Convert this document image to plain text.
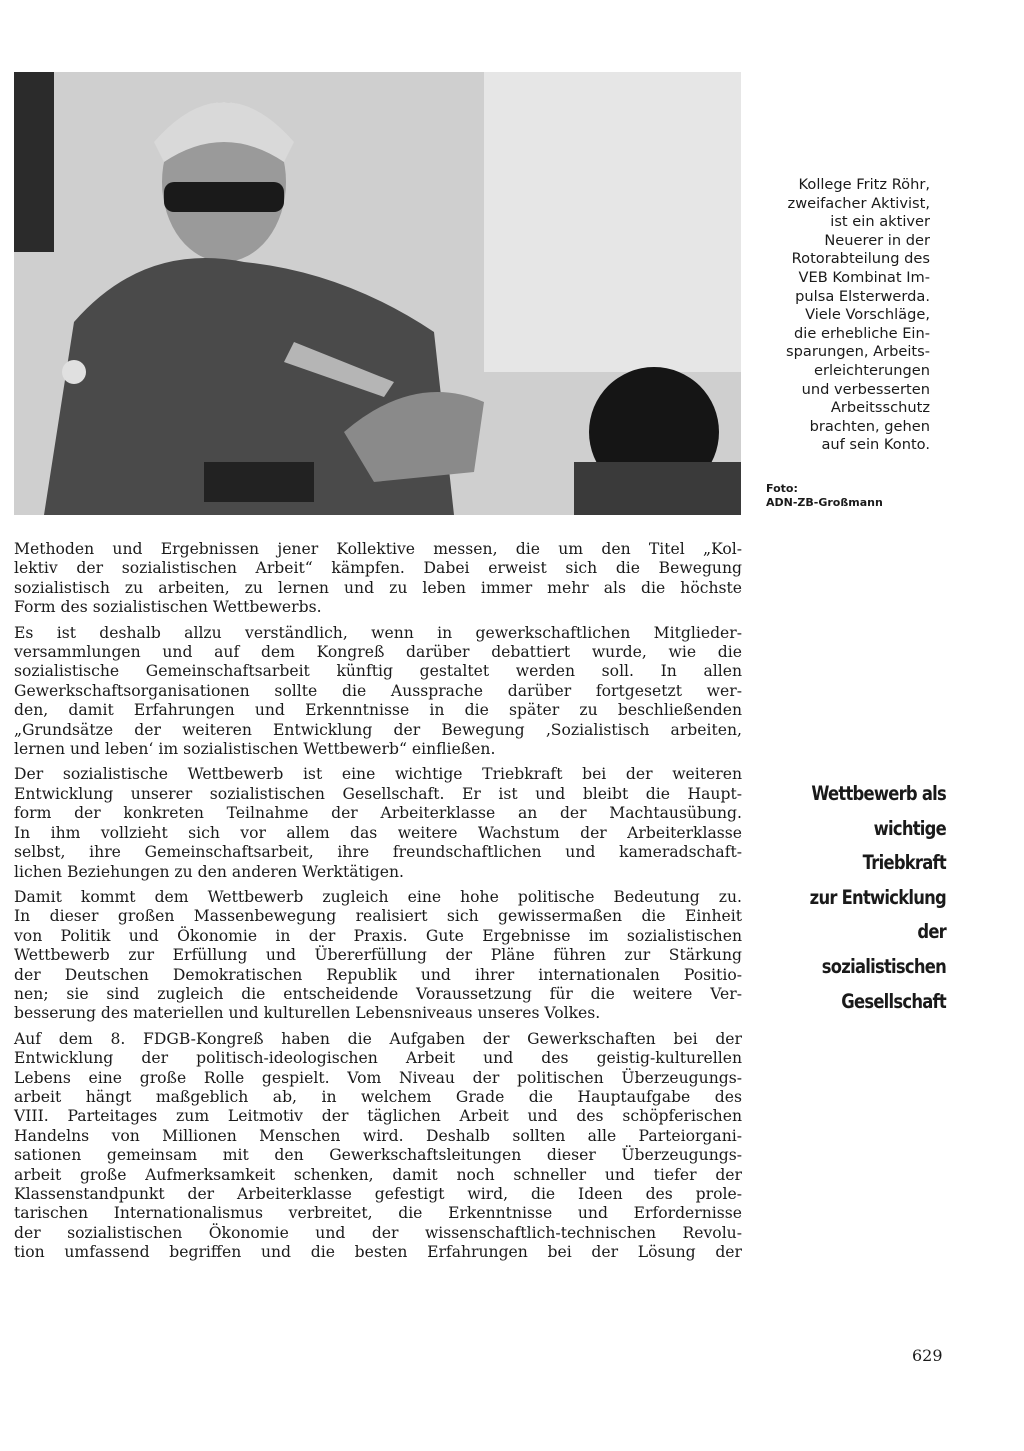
Kollege Fritz Röhr,
zweifacher Aktivist,
ist ein aktiver
Neuerer in der
Rotorabteilung des
VEB Kombinat Im-
pulsa Elsterwerda.
Viele Vorschläge,
die erhebliche Ein-
sparungen, Arbeits-
erleichterungen
und verbesserten
Arbeitsschutz
brachten, gehen
auf sein Konto.
Foto:
ADN-ZB-Großmann
Methoden und Ergebnissen jener Kollektive messen, die um den Titel „Kol-
lektiv der sozialistischen Arbeit“ kämpfen. Dabei erweist sich die Bewegung
sozialistisch zu arbeiten, zu lernen und zu leben immer mehr als die höchste
Form des sozialistischen Wettbewerbs.
Es ist deshalb allzu verständlich, wenn in gewerkschaftlichen Mitglieder-
versammlungen und auf dem Kongreß darüber debattiert wurde, wie die
sozialistische Gemeinschaftsarbeit künftig gestaltet werden soll. In allen
Gewerkschaftsorganisationen sollte die Aussprache darüber fortgesetzt wer-
den, damit Erfahrungen und Erkenntnisse in die später zu beschließenden
„Grundsätze der weiteren Entwicklung der Bewegung ‚Sozialistisch arbeiten,
lernen und leben‘ im sozialistischen Wettbewerb“ einfließen.
Der sozialistische Wettbewerb ist eine wichtige Triebkraft bei der weiteren
Entwicklung unserer sozialistischen Gesellschaft. Er ist und bleibt die Haupt-
form der konkreten Teilnahme der Arbeiterklasse an der Machtausübung.
In ihm vollzieht sich vor allem das weitere Wachstum der Arbeiterklasse
selbst, ihre Gemeinschaftsarbeit, ihre freundschaftlichen und kameradschaft-
lichen Beziehungen zu den anderen Werktätigen.
Damit kommt dem Wettbewerb zugleich eine hohe politische Bedeutung zu.
In dieser großen Massenbewegung realisiert sich gewissermaßen die Einheit
von Politik und Ökonomie in der Praxis. Gute Ergebnisse im sozialistischen
Wettbewerb zur Erfüllung und Übererfüllung der Pläne führen zur Stärkung
der Deutschen Demokratischen Republik und ihrer internationalen Positio-
nen; sie sind zugleich die entscheidende Voraussetzung für die weitere Ver-
besserung des materiellen und kulturellen Lebensniveaus unseres Volkes.
Auf dem 8. FDGB-Kongreß haben die Aufgaben der Gewerkschaften bei der
Entwicklung der politisch-ideologischen Arbeit und des geistig-kulturellen
Lebens eine große Rolle gespielt. Vom Niveau der politischen Überzeugungs-
arbeit hängt maßgeblich ab, in welchem Grade die Hauptaufgabe des
VIII. Parteitages zum Leitmotiv der täglichen Arbeit und des schöpferischen
Handelns von Millionen Menschen wird. Deshalb sollten alle Parteiorgani-
sationen gemeinsam mit den Gewerkschaftsleitungen dieser Überzeugungs-
arbeit große Aufmerksamkeit schenken, damit noch schneller und tiefer der
Klassenstandpunkt der Arbeiterklasse gefestigt wird, die Ideen des prole-
tarischen Internationalismus verbreitet, die Erkenntnisse und Erfordernisse
der sozialistischen Ökonomie und der wissenschaftlich-technischen Revolu-
tion umfassend begriffen und die besten Erfahrungen bei der Lösung der
Wettbewerb als
wichtige
Triebkraft
zur Entwicklung
der
sozialistischen
Gesellschaft
629
